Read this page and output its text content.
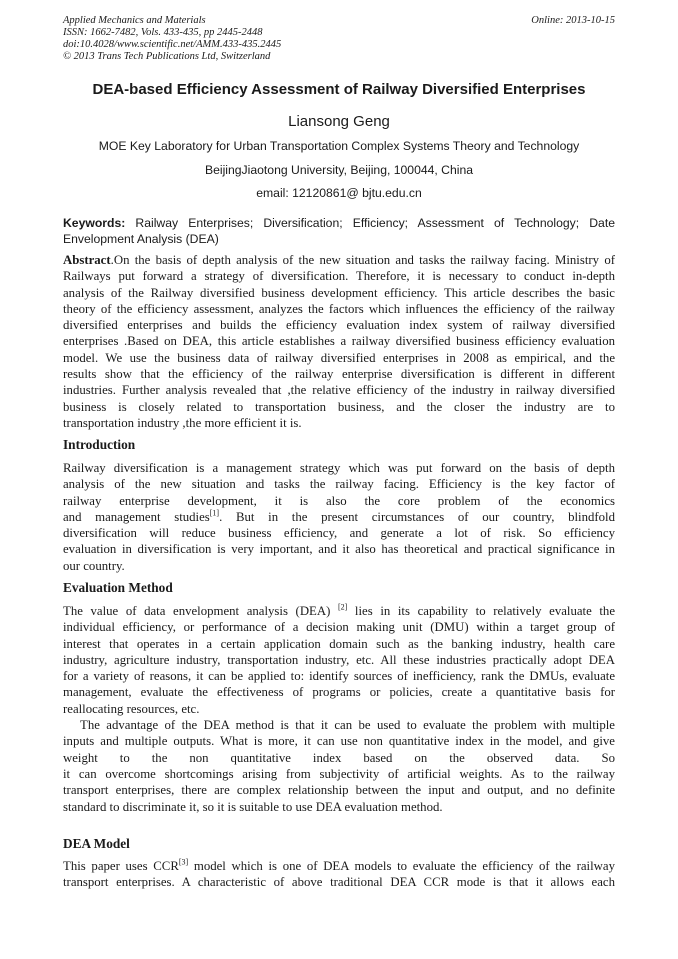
Applied Mechanics and Materials
ISSN: 1662-7482, Vols. 433-435, pp 2445-2448
doi:10.4028/www.scientific.net/AMM.433-435.2445
© 2013 Trans Tech Publications Ltd, Switzerland
Online: 2013-10-15
DEA-based Efficiency Assessment of Railway Diversified Enterprises
Liansong Geng
MOE Key Laboratory for Urban Transportation Complex Systems Theory and Technology
BeijingJiaotong University, Beijing, 100044, China
email: 12120861@ bjtu.edu.cn
Keywords: Railway Enterprises; Diversification; Efficiency; Assessment of Technology; Date
Envelopment Analysis (DEA)
Abstract.On the basis of depth analysis of the new situation and tasks the railway facing. Ministry of
Railways put forward a strategy of diversification. Therefore, it is necessary to conduct in-depth
analysis of the Railway diversified business development efficiency. This article describes the basic
theory of the efficiency assessment, analyzes the factors which influences the efficiency of the railway
diversified enterprises and builds the efficiency evaluation index system of railway diversified
enterprises .Based on DEA, this article establishes a railway diversified business efficiency evaluation
model. We use the business data of railway diversified enterprises in 2008 as empirical, and the
results show that the efficiency of the railway enterprise diversification is different in different
industries. Further analysis revealed that ,the relative efficiency of the industry in railway diversified
business is closely related to transportation business, and the closer the industry are to
transportation industry ,the more efficient it is.
Introduction
Railway diversification is a management strategy which was put forward on the basis of depth
analysis of the new situation and tasks the railway facing. Efficiency is the key factor of
railway enterprise development, it is also the core problem of the economics
and management studies[1]. But in the present circumstances of our country, blindfold
diversification will reduce business efficiency, and generate a lot of risk. So efficiency
evaluation in diversification is very important, and it also has theoretical and practical significance in
our country.
Evaluation Method
The value of data envelopment analysis (DEA) [2] lies in its capability to relatively evaluate the
individual efficiency, or performance of a decision making unit (DMU) within a target group of
interest that operates in a certain application domain such as the banking industry, health care
industry, agriculture industry, transportation industry, etc. All these industries practically adopt DEA
for a variety of reasons, it can be applied to: identify sources of inefficiency, rank the DMUs, evaluate
management, evaluate the effectiveness of programs or policies, create a quantitative basis for
reallocating resources, etc.
The advantage of the DEA method is that it can be used to evaluate the problem with multiple
inputs and multiple outputs. What is more, it can use non quantitative index in the model, and give
weight to the non quantitative index based on the observed data. So
it can overcome shortcomings arising from subjectivity of artificial weights. As to the railway
transport enterprises, there are complex relationship between the input and output, and no definite
standard to discriminate it, so it is suitable to use DEA evaluation method.
DEA Model
This paper uses CCR[3] model which is one of DEA models to evaluate the efficiency of the railway
transport enterprises. A characteristic of above traditional DEA CCR mode is that it allows each
